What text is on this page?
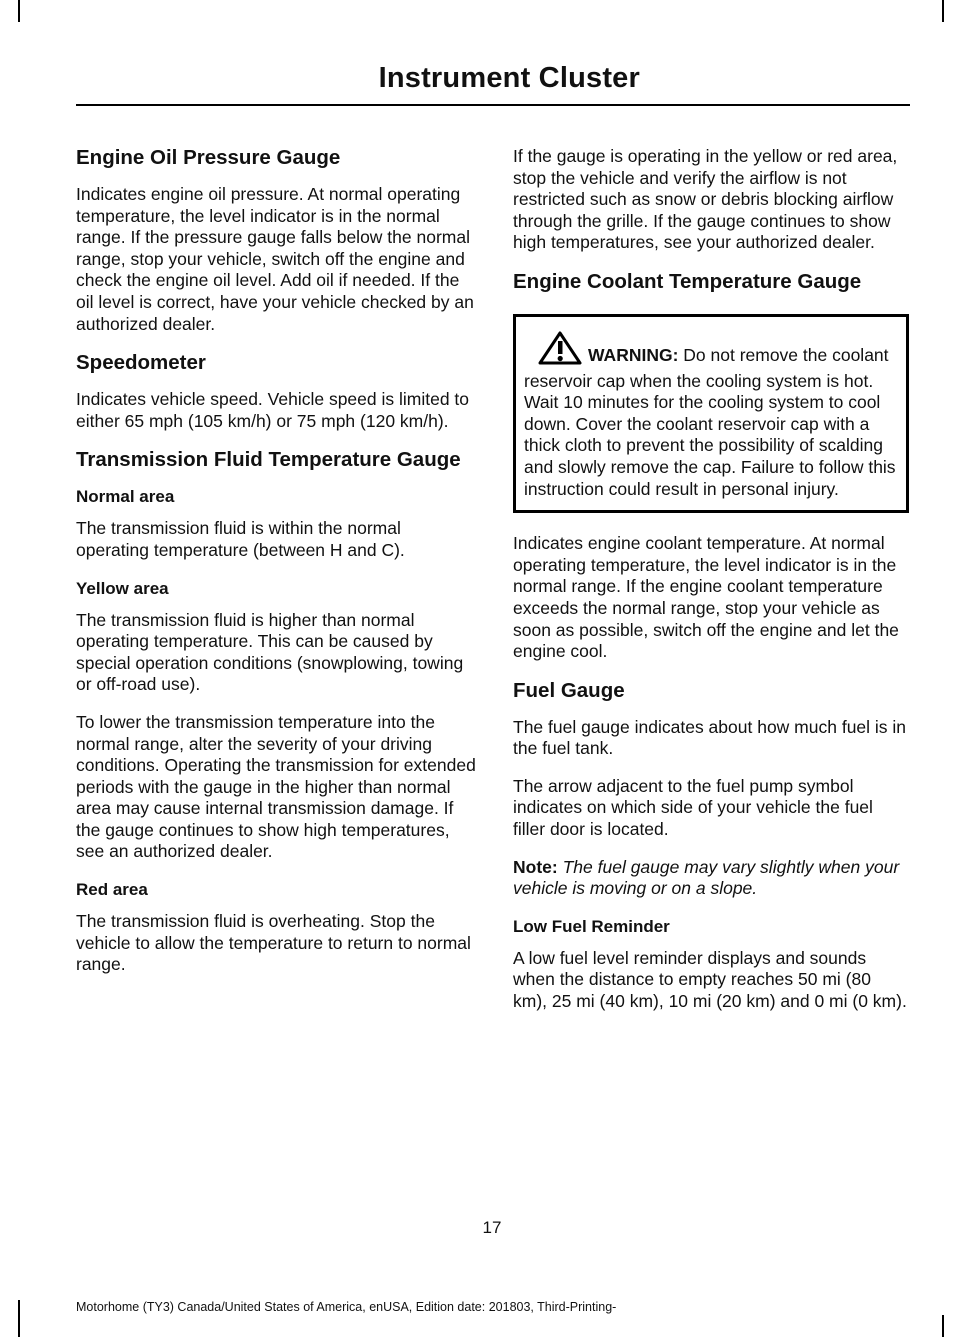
Instrument Cluster
Engine Oil Pressure Gauge

Indicates engine oil pressure. At normal operating temperature, the level indicator is in the normal range. If the pressure gauge falls below the normal range, stop your vehicle, switch off the engine and check the engine oil level. Add oil if needed. If the oil level is correct, have your vehicle checked by an authorized dealer.

Speedometer

Indicates vehicle speed. Vehicle speed is limited to either 65 mph (105 km/h) or 75 mph (120 km/h).

Transmission Fluid Temperature Gauge
Normal area

The transmission fluid is within the normal operating temperature (between H and C).

Yellow area

The transmission fluid is higher than normal operating temperature. This can be caused by special operation conditions (snowplowing, towing or off-road use).

To lower the transmission temperature into the normal range, alter the severity of your driving conditions. Operating the transmission for extended periods with the gauge in the higher than normal area may cause internal transmission damage. If the gauge continues to show high temperatures, see an authorized dealer.

Red area

The transmission fluid is overheating. Stop the vehicle to allow the temperature to return to normal range.

If the gauge is operating in the yellow or red area, stop the vehicle and verify the airflow is not restricted such as snow or debris blocking airflow through the grille. If the gauge continues to show high temperatures, see your authorized dealer.

Engine Coolant Temperature Gauge
WARNING: Do not remove the coolant reservoir cap when the cooling system is hot. Wait 10 minutes for the cooling system to cool down. Cover the coolant reservoir cap with a thick cloth to prevent the possibility of scalding and slowly remove the cap. Failure to follow this instruction could result in personal injury.

Indicates engine coolant temperature. At normal operating temperature, the level indicator is in the normal range. If the engine coolant temperature exceeds the normal range, stop your vehicle as soon as possible, switch off the engine and let the engine cool.

Fuel Gauge

The fuel gauge indicates about how much fuel is in the fuel tank.

The arrow adjacent to the fuel pump symbol indicates on which side of your vehicle the fuel filler door is located.

Note: The fuel gauge may vary slightly when your vehicle is moving or on a slope.

Low Fuel Reminder

A low fuel level reminder displays and sounds when the distance to empty reaches 50 mi (80 km), 25 mi (40 km), 10 mi (20 km) and 0 mi (0 km).

17
Motorhome (TY3) Canada/United States of America, enUSA, Edition date: 201803, Third-Printing-
